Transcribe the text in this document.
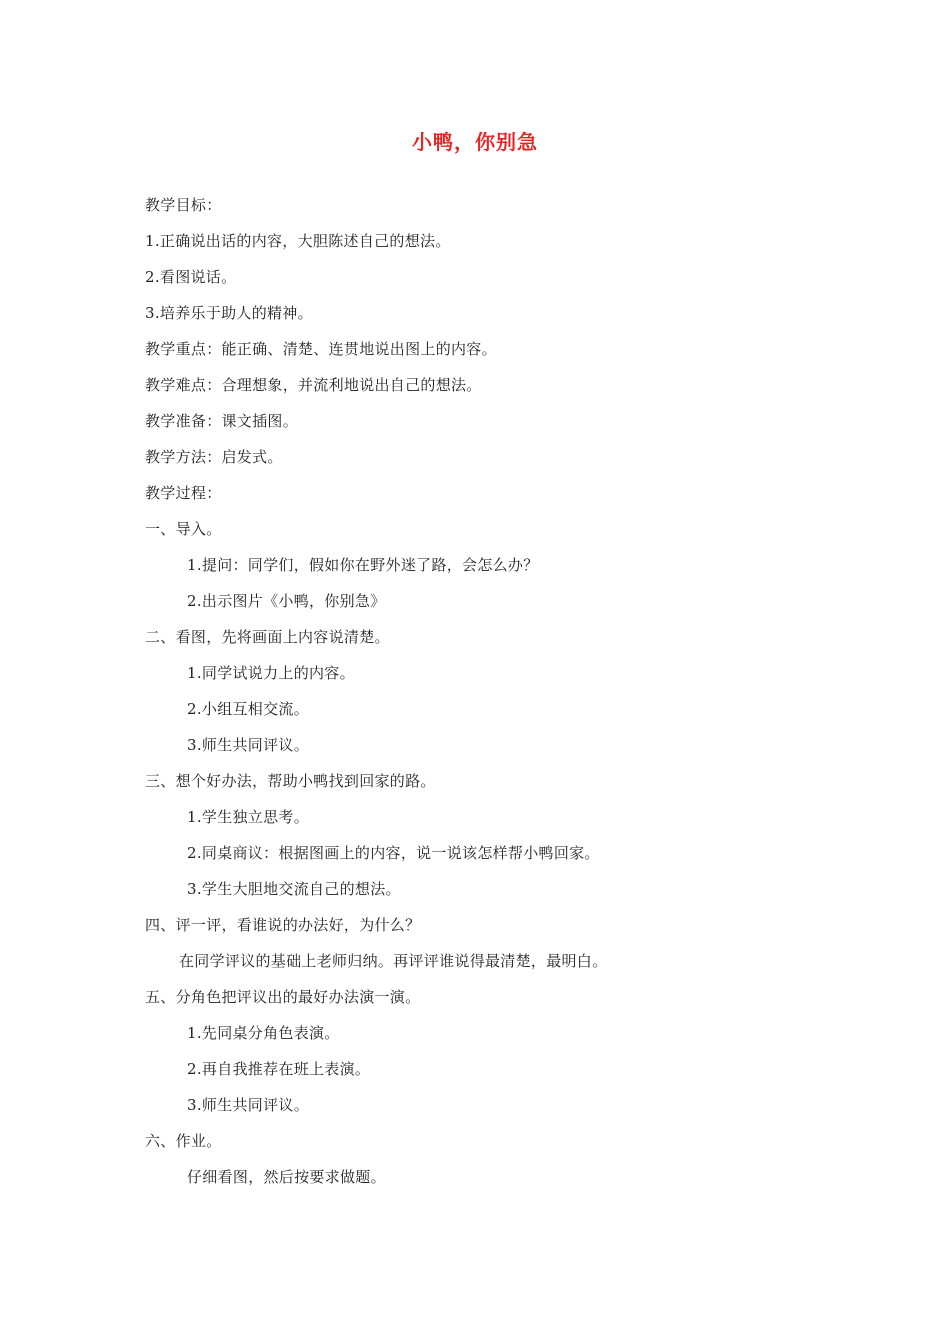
小鸭，你别急
教学目标：
1.正确说出话的内容，大胆陈述自己的想法。
2.看图说话。
3.培养乐于助人的精神。
教学重点：能正确、清楚、连贯地说出图上的内容。
教学难点：合理想象，并流利地说出自己的想法。
教学准备：课文插图。
教学方法：启发式。
教学过程：
一、导入。
1.提问：同学们，假如你在野外迷了路，会怎么办？
2.出示图片《小鸭，你别急》
二、看图，先将画面上内容说清楚。
1.同学试说力上的内容。
2.小组互相交流。
3.师生共同评议。
三、想个好办法，帮助小鸭找到回家的路。
1.学生独立思考。
2.同桌商议：根据图画上的内容，说一说该怎样帮小鸭回家。
3.学生大胆地交流自己的想法。
四、评一评，看谁说的办法好，为什么？
在同学评议的基础上老师归纳。再评评谁说得最清楚，最明白。
五、分角色把评议出的最好办法演一演。
1.先同桌分角色表演。
2.再自我推荐在班上表演。
3.师生共同评议。
六、作业。
仔细看图，然后按要求做题。
